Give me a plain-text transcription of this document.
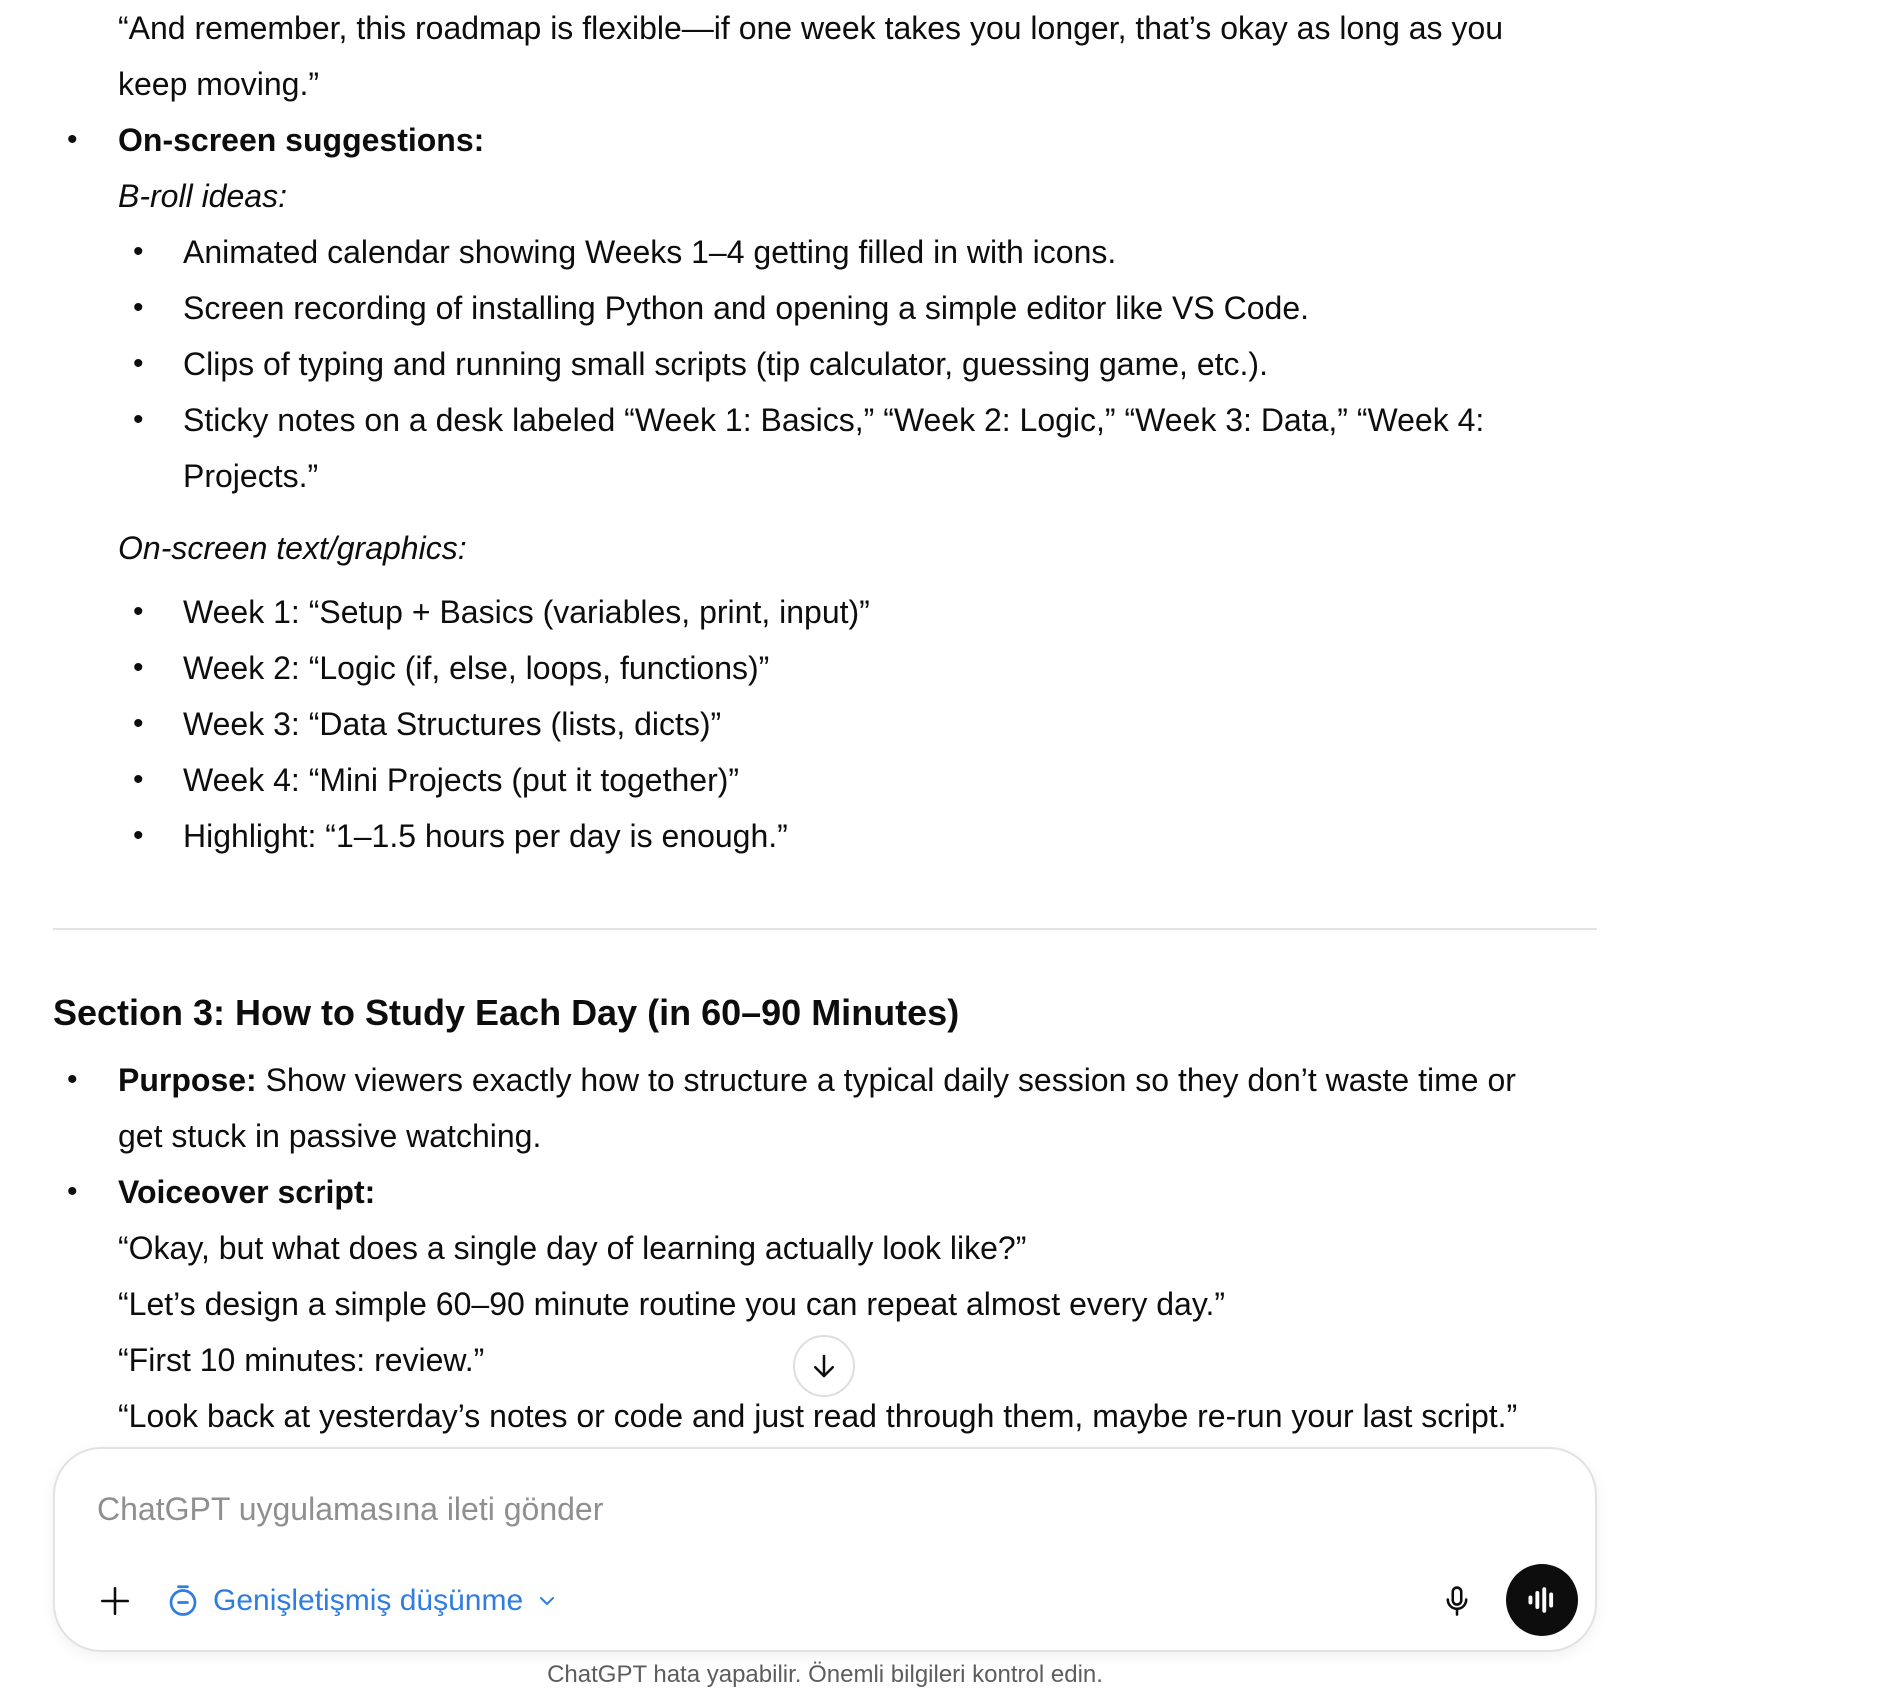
“And remember, this roadmap is flexible—if one week takes you longer, that’s okay as long as you
keep moving.”
• On-screen suggestions:
B-roll ideas:
• Animated calendar showing Weeks 1–4 getting filled in with icons.
• Screen recording of installing Python and opening a simple editor like VS Code.
• Clips of typing and running small scripts (tip calculator, guessing game, etc.).
• Sticky notes on a desk labeled “Week 1: Basics,” “Week 2: Logic,” “Week 3: Data,” “Week 4:
Projects.”
On-screen text/graphics:
• Week 1: “Setup + Basics (variables, print, input)”
• Week 2: “Logic (if, else, loops, functions)”
• Week 3: “Data Structures (lists, dicts)”
• Week 4: “Mini Projects (put it together)”
• Highlight: “1–1.5 hours per day is enough.”
Section 3: How to Study Each Day (in 60–90 Minutes)
• Purpose: Show viewers exactly how to structure a typical daily session so they don’t waste time or
get stuck in passive watching.
• Voiceover script:
“Okay, but what does a single day of learning actually look like?”
“Let’s design a simple 60–90 minute routine you can repeat almost every day.”
“First 10 minutes: review.”
“Look back at yesterday’s notes or code and just read through them, maybe re-run your last script.”
ChatGPT uygulamasına ileti gönder
Genişletişmiş düşünme
ChatGPT hata yapabilir. Önemli bilgileri kontrol edin.
